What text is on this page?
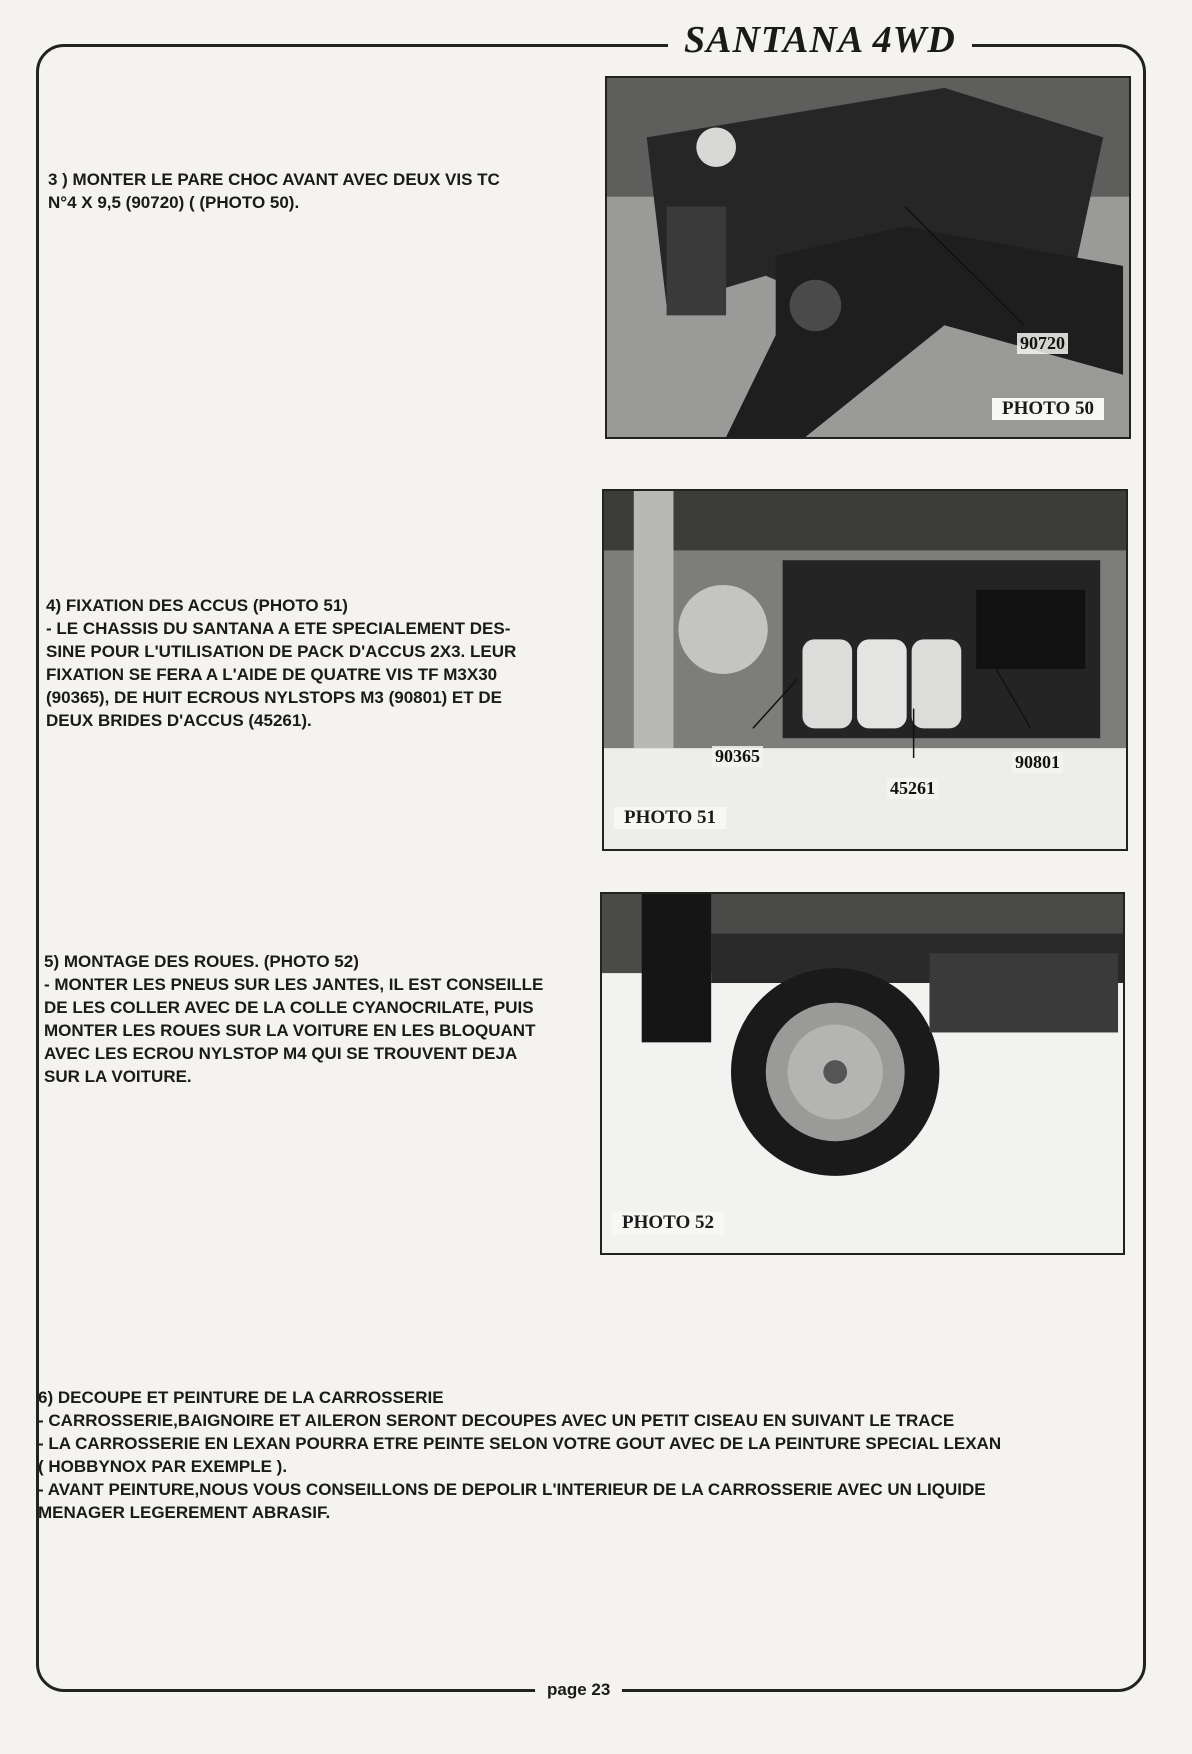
SANTANA 4WD

3 ) MONTER LE PARE CHOC AVANT AVEC DEUX VIS TC

N°4 X 9,5 (90720) ( (PHOTO 50).

90720
PHOTO 50

4) FIXATION DES ACCUS (PHOTO 51)

- LE CHASSIS DU SANTANA A ETE SPECIALEMENT DES-

SINE POUR L'UTILISATION DE PACK D'ACCUS 2X3. LEUR

FIXATION SE FERA A L'AIDE DE QUATRE VIS TF M3X30

(90365), DE HUIT ECROUS NYLSTOPS M3 (90801) ET DE

DEUX BRIDES D'ACCUS (45261).

90365
45261
90801
PHOTO 51

5) MONTAGE DES ROUES. (PHOTO 52)

- MONTER LES PNEUS SUR LES JANTES, IL EST CONSEILLE

DE LES COLLER AVEC DE LA COLLE CYANOCRILATE, PUIS

MONTER LES ROUES SUR LA VOITURE EN LES BLOQUANT

AVEC LES ECROU NYLSTOP M4 QUI SE TROUVENT DEJA

SUR LA VOITURE.

PHOTO 52

6) DECOUPE ET PEINTURE DE LA CARROSSERIE

- CARROSSERIE,BAIGNOIRE ET AILERON SERONT DECOUPES AVEC UN PETIT CISEAU EN SUIVANT LE TRACE

- LA CARROSSERIE EN LEXAN POURRA ETRE PEINTE SELON VOTRE GOUT AVEC DE LA PEINTURE SPECIAL LEXAN

( HOBBYNOX PAR EXEMPLE ).

- AVANT PEINTURE,NOUS VOUS CONSEILLONS DE DEPOLIR L'INTERIEUR DE LA CARROSSERIE AVEC UN LIQUIDE

MENAGER LEGEREMENT ABRASIF.

page 23
